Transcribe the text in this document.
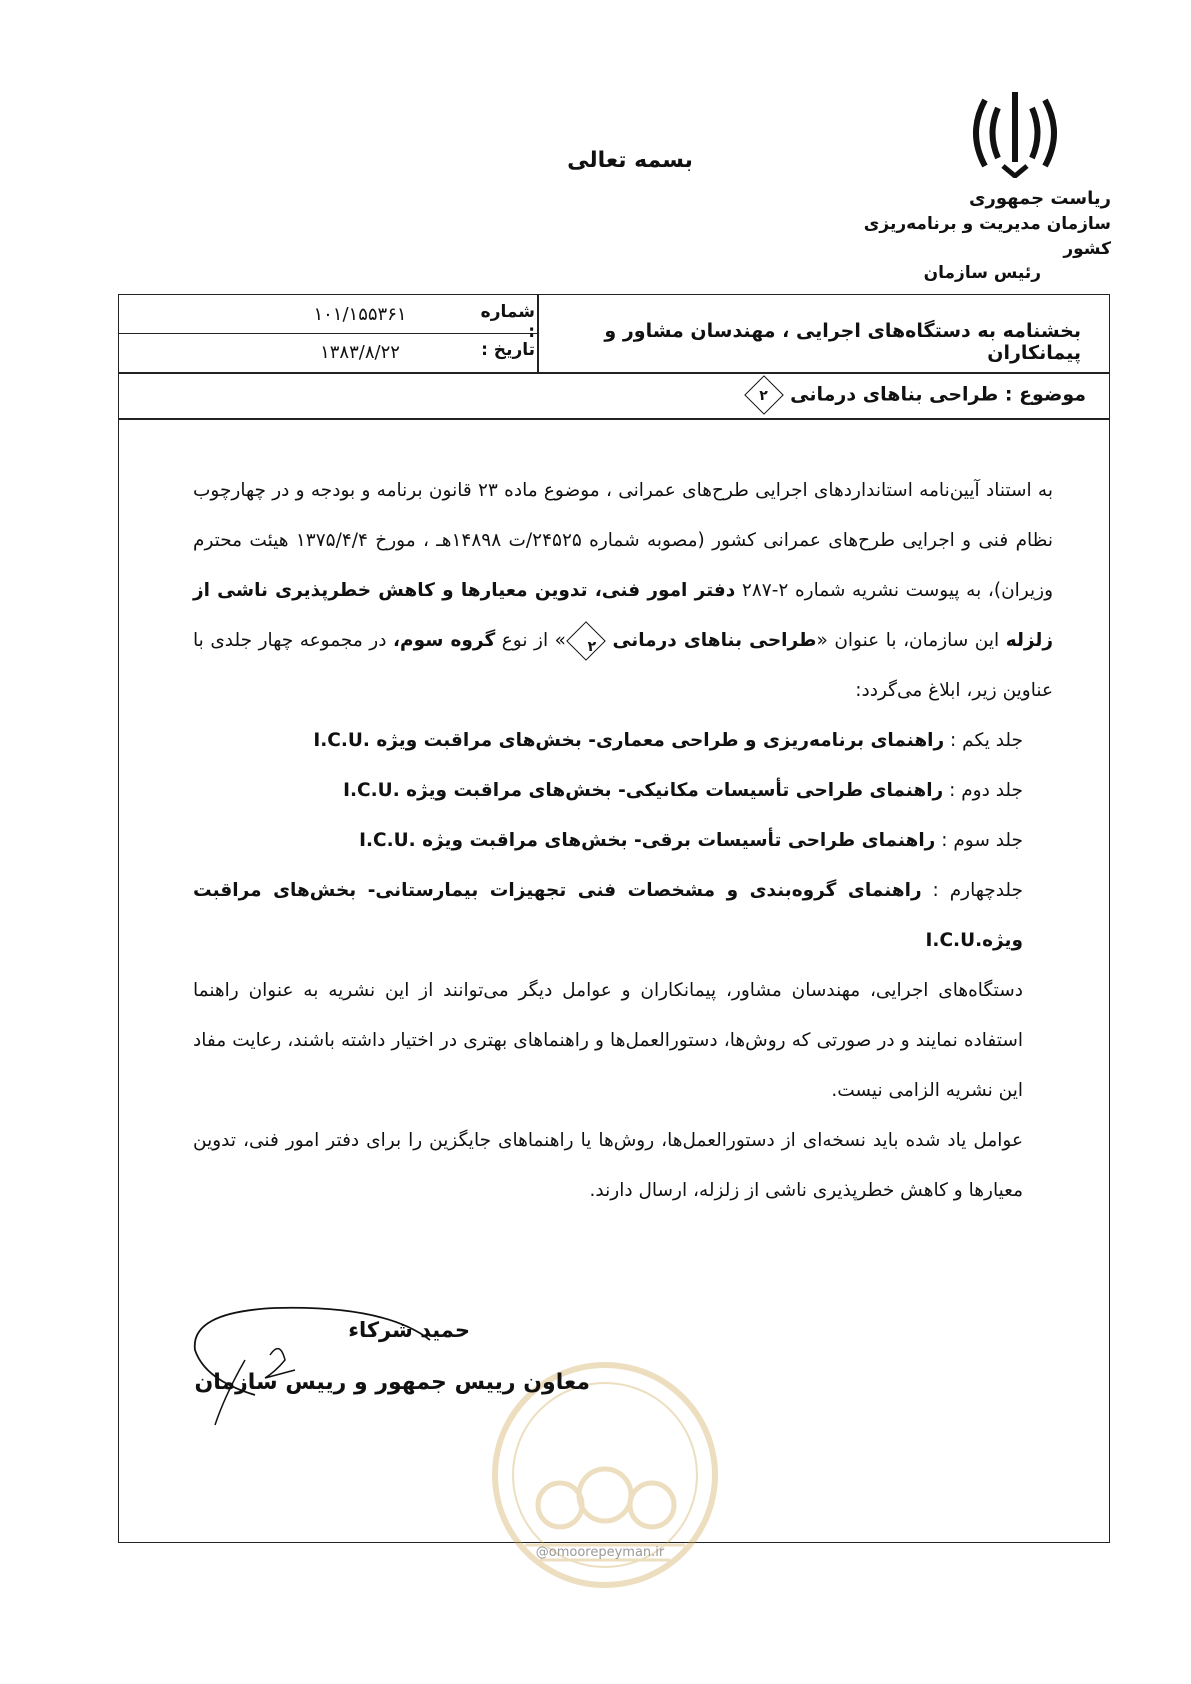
بسمه تعالی
ریاست جمهوری
سازمان مدیریت و برنامه‌ریزی کشور
رئیس سازمان
شماره :
۱۰۱/۱۵۵۳۶۱
تاریخ :
۱۳۸۳/۸/۲۲
بخشنامه به دستگاه‌های اجرایی ، مهندسان مشاور و پیمانکاران
موضوع : طراحی بناهای درمانی ۲

به استناد آیین‌نامه استانداردهای اجرایی طرح‌های عمرانی ، موضوع ماده ۲۳ قانون برنامه و بودجه و در چهارچوب نظام فنی و اجرایی طرح‌های عمرانی کشور (مصوبه شماره ۲۴۵۲۵/ت ۱۴۸۹۸هـ ، مورخ ۱۳۷۵/۴/۴ هیئت محترم وزیران)، به پیوست نشریه شماره ۲-۲۸۷ دفتر امور فنی، تدوین معیارها و کاهش خطرپذیری ناشی از زلزله این سازمان، با عنوان «طراحی بناهای درمانی ۲» از نوع گروه سوم، در مجموعه چهار جلدی با عناوین زیر، ابلاغ می‌گردد:

جلد یکم : راهنمای برنامه‌ریزی و طراحی معماری- بخش‌های مراقبت ویژه .I.C.U

جلد دوم : راهنمای طراحی تأسیسات مکانیکی- بخش‌های مراقبت ویژه .I.C.U

جلد سوم : راهنمای طراحی تأسیسات برقی- بخش‌های مراقبت ویژه .I.C.U

جلدچهارم : راهنمای گروه‌بندی و مشخصات فنی تجهیزات بیمارستانی- بخش‌های مراقبت ویژه.I.C.U

دستگاه‌های اجرایی، مهندسان مشاور، پیمانکاران و عوامل دیگر می‌توانند از این نشریه به عنوان راهنما استفاده نمایند و در صورتی که روش‌ها، دستورالعمل‌ها و راهنماهای بهتری در اختیار داشته باشند، رعایت مفاد این نشریه الزامی نیست.

عوامل یاد شده باید نسخه‌ای از دستورالعمل‌ها، روش‌ها یا راهنماهای جایگزین را برای دفتر امور فنی، تدوین معیارها و کاهش خطرپذیری ناشی از زلزله، ارسال دارند.

حمید شرکاء
معاون رییس جمهور و رییس سازمان
@omoorepeyman.ir
